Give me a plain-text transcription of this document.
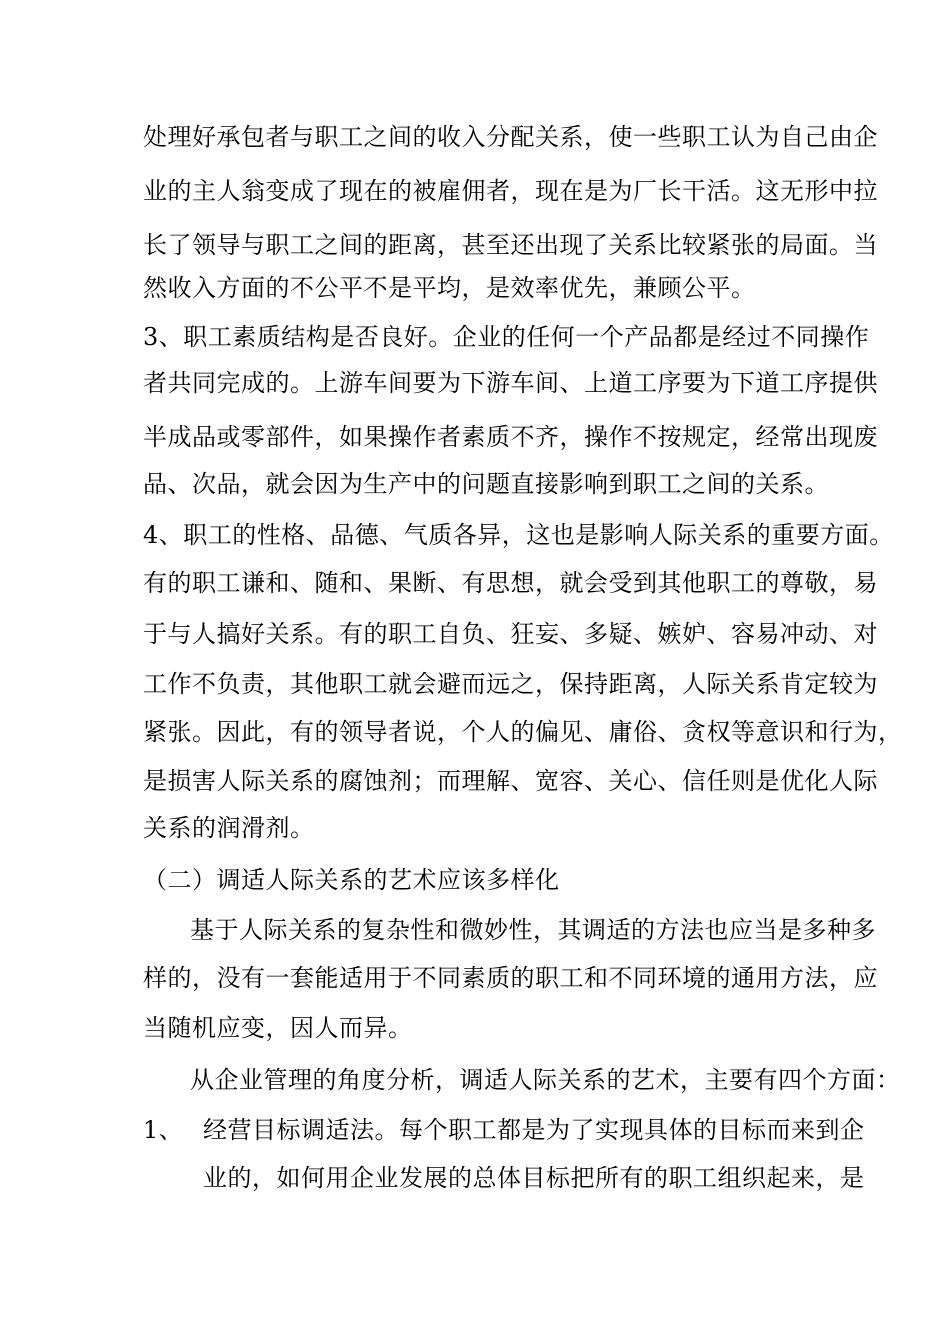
处理好承包者与职工之间的收入分配关系，使一些职工认为自己由企
业的主人翁变成了现在的被雇佣者，现在是为厂长干活。这无形中拉
长了领导与职工之间的距离，甚至还出现了关系比较紧张的局面。当
然收入方面的不公平不是平均，是效率优先，兼顾公平。
3、职工素质结构是否良好。企业的任何一个产品都是经过不同操作
者共同完成的。上游车间要为下游车间、上道工序要为下道工序提供
半成品或零部件，如果操作者素质不齐，操作不按规定，经常出现废
品、次品，就会因为生产中的问题直接影响到职工之间的关系。
4、职工的性格、品德、气质各异，这也是影响人际关系的重要方面。
有的职工谦和、随和、果断、有思想，就会受到其他职工的尊敬，易
于与人搞好关系。有的职工自负、狂妄、多疑、嫉妒、容易冲动、对
工作不负责，其他职工就会避而远之，保持距离，人际关系肯定较为
紧张。因此，有的领导者说，个人的偏见、庸俗、贪权等意识和行为，
是损害人际关系的腐蚀剂；而理解、宽容、关心、信任则是优化人际
关系的润滑剂。
（二）调适人际关系的艺术应该多样化
基于人际关系的复杂性和微妙性，其调适的方法也应当是多种多
样的，没有一套能适用于不同素质的职工和不同环境的通用方法，应
当随机应变，因人而异。
从企业管理的角度分析，调适人际关系的艺术，主要有四个方面：
1、 经营目标调适法。每个职工都是为了实现具体的目标而来到企
业的，如何用企业发展的总体目标把所有的职工组织起来，是
